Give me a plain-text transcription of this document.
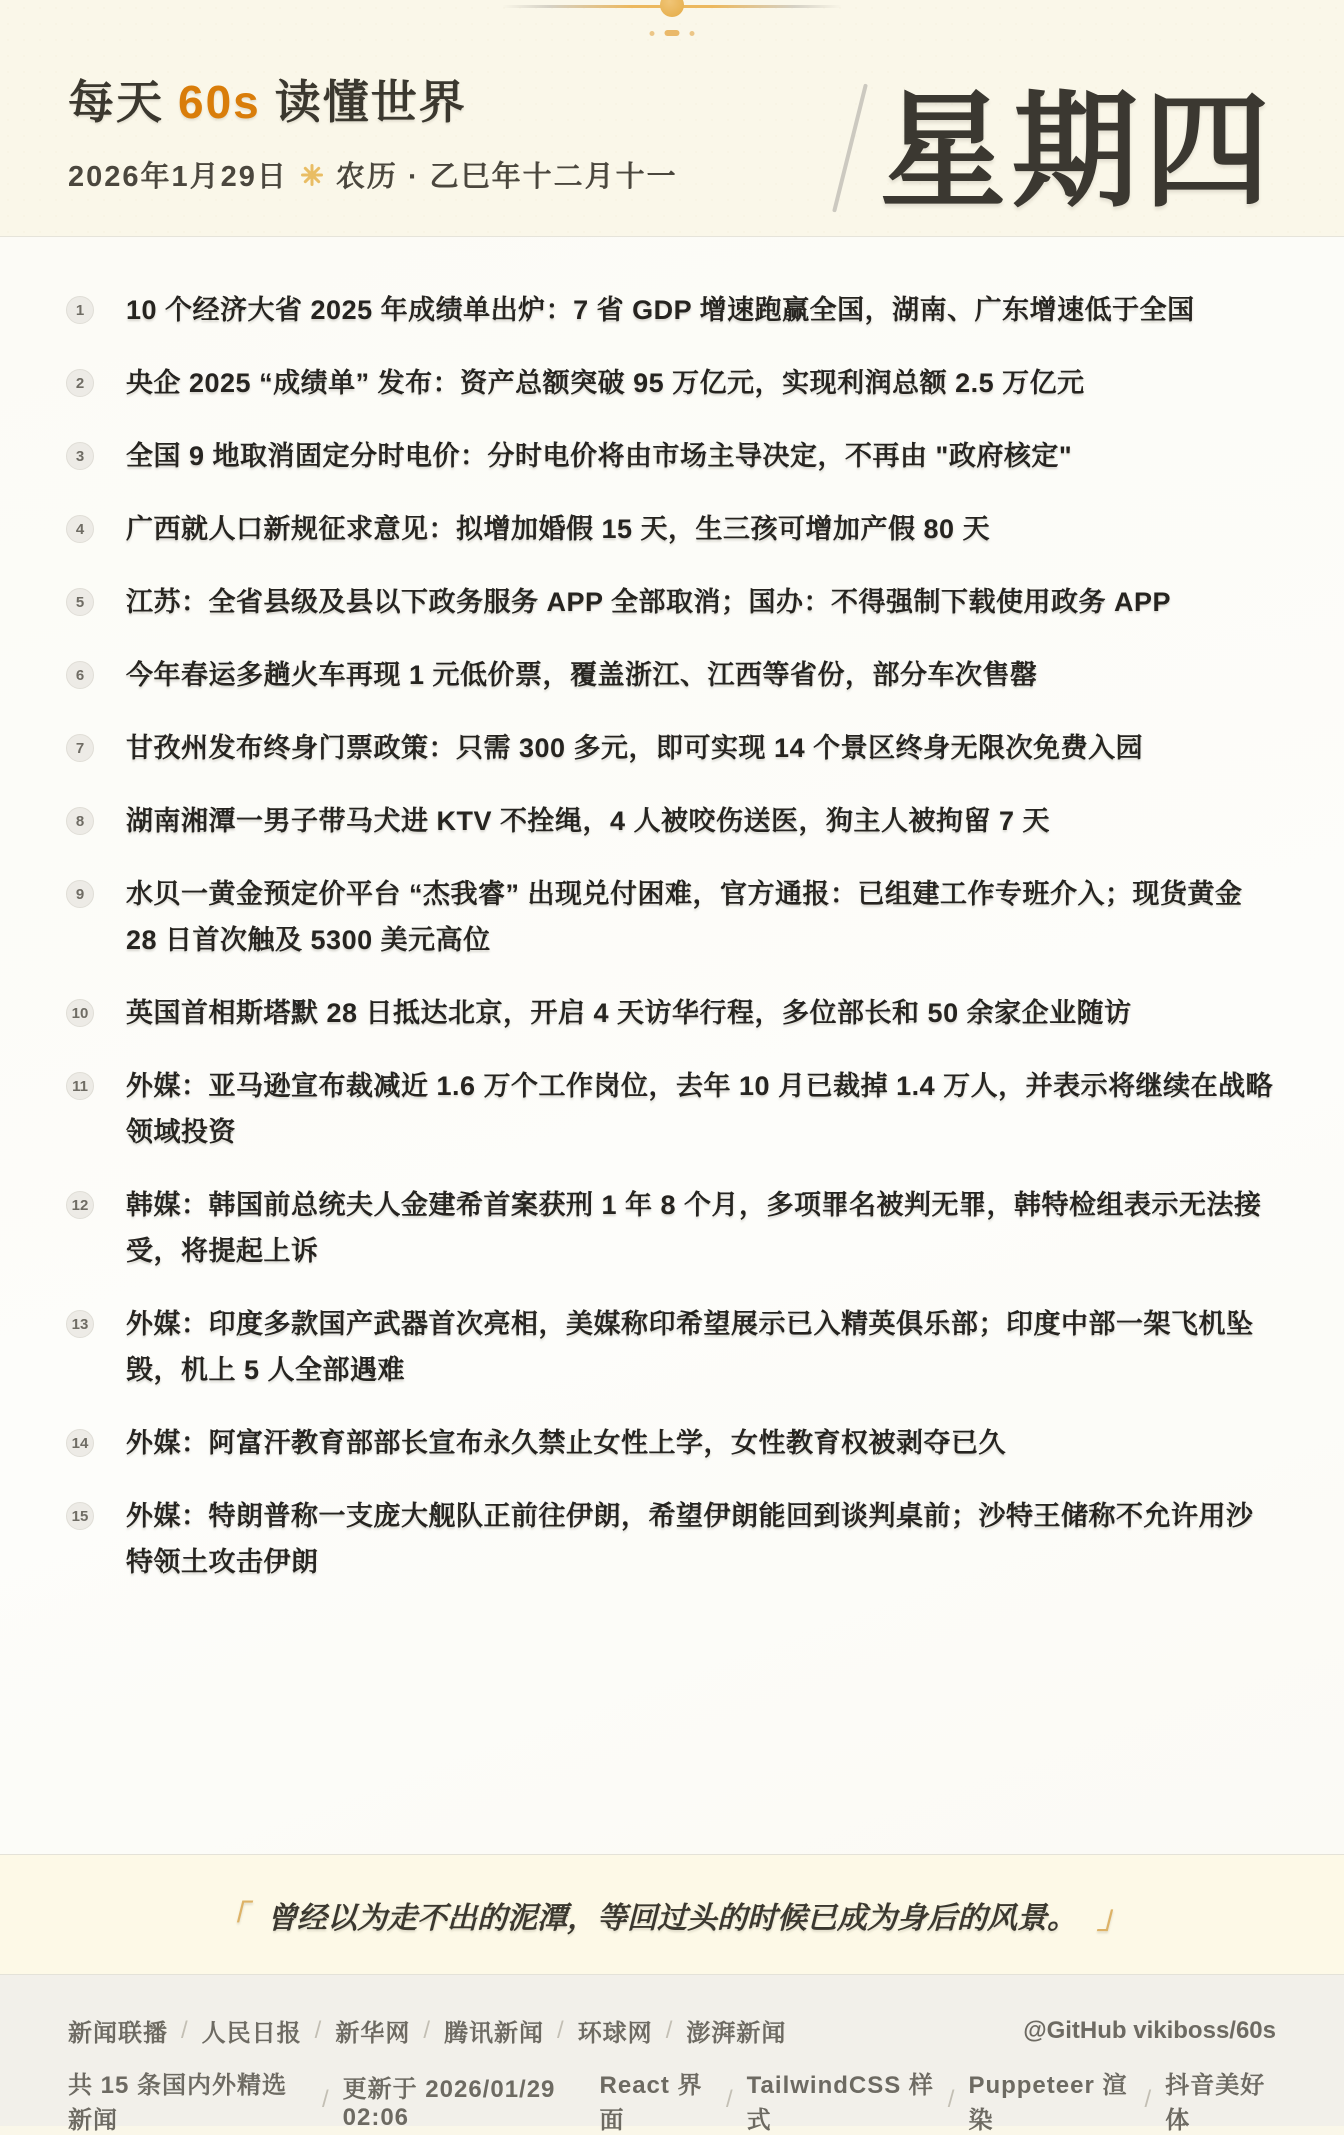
每天 60s 读懂世界
2026年1月29日 农历 · 乙巳年十二月十一 星期四
1	10 个经济大省 2025 年成绩单出炉：7 省 GDP 增速跑赢全国，湖南、广东增速低于全国

2	央企 2025 “成绩单” 发布：资产总额突破 95 万亿元，实现利润总额 2.5 万亿元

3	全国 9 地取消固定分时电价：分时电价将由市场主导决定，不再由 "政府核定"

4	广西就人口新规征求意见：拟增加婚假 15 天，生三孩可增加产假 80 天

5	江苏：全省县级及县以下政务服务 APP 全部取消；国办：不得强制下载使用政务 APP

6	今年春运多趟火车再现 1 元低价票，覆盖浙江、江西等省份，部分车次售罄

7	甘孜州发布终身门票政策：只需 300 多元，即可实现 14 个景区终身无限次免费入园

8	湖南湘潭一男子带马犬进 KTV 不拴绳，4 人被咬伤送医，狗主人被拘留 7 天

9	水贝一黄金预定价平台 “杰我睿” 出现兑付困难，官方通报：已组建工作专班介入；现货黄金 28 日首次触及 5300 美元高位

10 英国首相斯塔默 28 日抵达北京，开启 4 天访华行程，多位部长和 50 余家企业随访

11 外媒：亚马逊宣布裁减近 1.6 万个工作岗位，去年 10 月已裁掉 1.4 万人，并表示将继续在战略领域投资

12 韩媒：韩国前总统夫人金建希首案获刑 1 年 8 个月，多项罪名被判无罪，韩特检组表示无法接受，将提起上诉

13 外媒：印度多款国产武器首次亮相，美媒称印希望展示已入精英俱乐部；印度中部一架飞机坠毁，机上 5 人全部遇难

14 外媒：阿富汗教育部部长宣布永久禁止女性上学，女性教育权被剥夺已久

15 外媒：特朗普称一支庞大舰队正前往伊朗，希望伊朗能回到谈判桌前；沙特王储称不允许用沙特领土攻击伊朗

「 曾经以为走不出的泥潭，等回过头的时候已成为身后的风景。 」
新闻联播 / 人民日报 / 新华网 / 腾讯新闻 / 环球网 / 澎湃新闻	@GitHub vikiboss/60s
共 15 条国内外精选新闻
/ 更新于 2026/01/29 02:06
React 界面
/
TailwindCSS 样式
/
Puppeteer 渲染
/
抖音美好体
